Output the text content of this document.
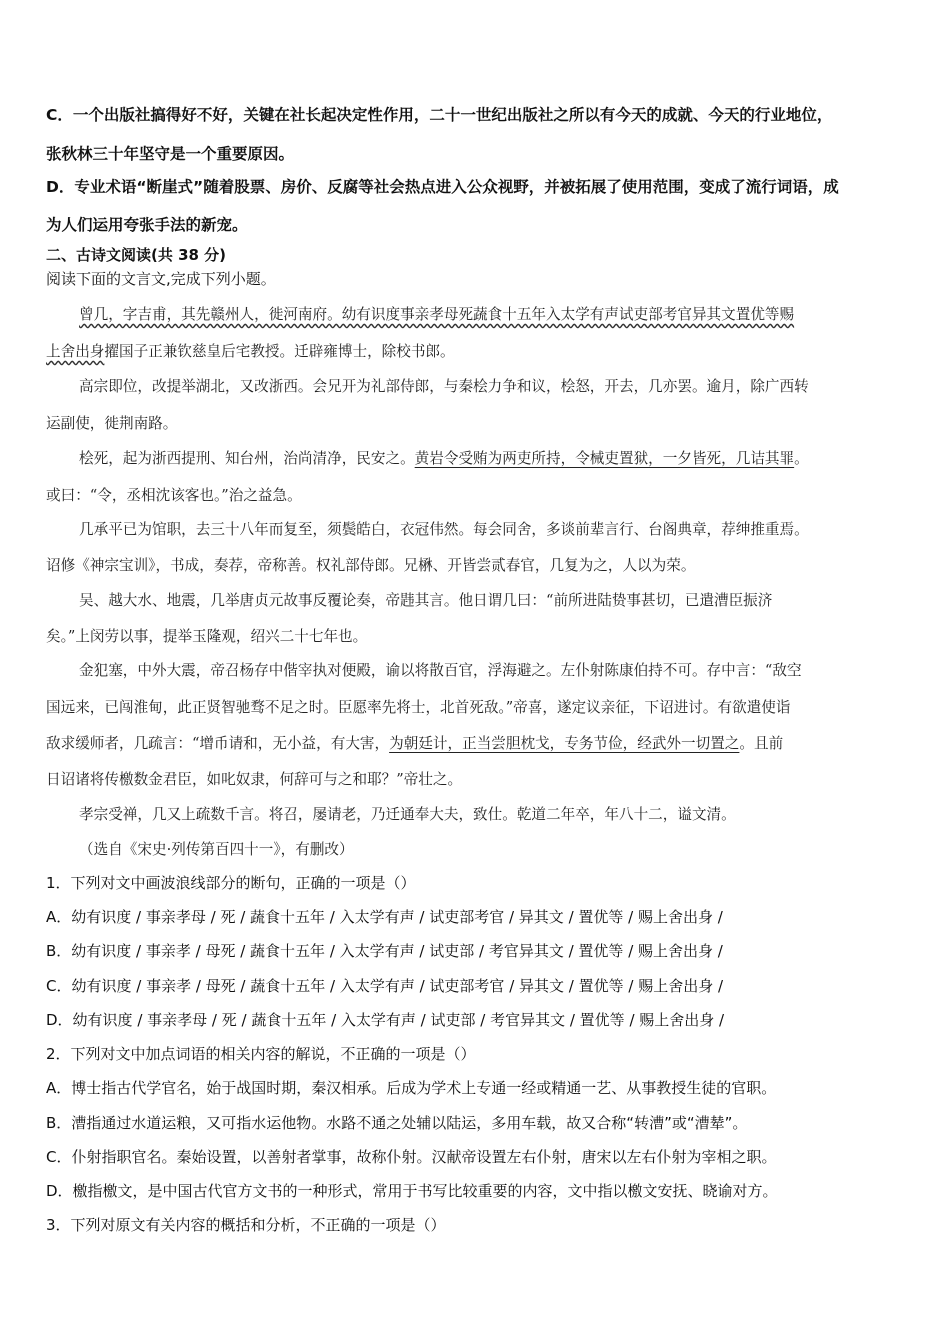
C．一个出版社搞得好不好，关键在社长起决定性作用，二十一世纪出版社之所以有今天的成就、今天的行业地位，

张秋林三十年坚守是一个重要原因。

D．专业术语“断崖式”随着股票、房价、反腐等社会热点进入公众视野，并被拓展了使用范围，变成了流行词语，成

为人们运用夸张手法的新宠。

二、古诗文阅读(共 38 分)

阅读下面的文言文,完成下列小题。

曾几，字吉甫，其先赣州人，徙河南府。幼有识度事亲孝母死蔬食十五年入太学有声试吏部考官异其文置优等赐

上舍出身擢国子正兼钦慈皇后宅教授。迁辟雍博士，除校书郎。

高宗即位，改提举湖北，又改浙西。会兄开为礼部侍郎，与秦桧力争和议，桧怒，开去，几亦罢。逾月，除广西转

运副使，徙荆南路。

桧死，起为浙西提刑、知台州，治尚清净，民安之。黄岩令受贿为两吏所持，令械吏置狱，一夕皆死，几诘其罪。

或曰：“令，丞相沈该客也。”治之益急。

几承平已为馆职，去三十八年而复至，须鬓皓白，衣冠伟然。每会同舍，多谈前辈言行、台阁典章，荐绅推重焉。

诏修《神宗宝训》，书成，奏荐，帝称善。权礼部侍郎。兄楙、开皆尝贰春官，几复为之，人以为荣。

吴、越大水、地震，几举唐贞元故事反覆论奏，帝韪其言。他日谓几曰：“前所进陆贽事甚切，已遣漕臣振济

矣。”上闵劳以事，提举玉隆观，绍兴二十七年也。

金犯塞，中外大震，帝召杨存中偕宰执对便殿，谕以将散百官，浮海避之。左仆射陈康伯持不可。存中言：“敌空

国远来，已闯淮甸，此正贤智驰骛不足之时。臣愿率先将士，北首死敌。”帝喜，遂定议亲征，下诏进讨。有欲遣使诣

敌求缓师者，几疏言：“增币请和，无小益，有大害，为朝廷计，正当尝胆枕戈，专务节俭，经武外一切置之。且前

日诏诸将传檄数金君臣，如叱奴隶，何辞可与之和耶？”帝壮之。

孝宗受禅，几又上疏数千言。将召，屡请老，乃迁通奉大夫，致仕。乾道二年卒，年八十二，谥文清。

（选自《宋史·列传第百四十一》，有删改）

1．下列对文中画波浪线部分的断句，正确的一项是（）

A．幼有识度 / 事亲孝母 / 死 / 蔬食十五年 / 入太学有声 / 试吏部考官 / 异其文 / 置优等 / 赐上舍出身 /

B．幼有识度 / 事亲孝 / 母死 / 蔬食十五年 / 入太学有声 / 试吏部 / 考官异其文 / 置优等 / 赐上舍出身 /

C．幼有识度 / 事亲孝 / 母死 / 蔬食十五年 / 入太学有声 / 试吏部考官 / 异其文 / 置优等 / 赐上舍出身 /

D．幼有识度 / 事亲孝母 / 死 / 蔬食十五年 / 入太学有声 / 试吏部 / 考官异其文 / 置优等 / 赐上舍出身 /

2．下列对文中加点词语的相关内容的解说，不正确的一项是（）

A．博士指古代学官名，始于战国时期，秦汉相承。后成为学术上专通一经或精通一艺、从事教授生徒的官职。

B．漕指通过水道运粮，又可指水运他物。水路不通之处辅以陆运，多用车载，故又合称“转漕”或“漕辇”。

C．仆射指职官名。秦始设置，以善射者掌事，故称仆射。汉献帝设置左右仆射，唐宋以左右仆射为宰相之职。

D．檄指檄文，是中国古代官方文书的一种形式，常用于书写比较重要的内容，文中指以檄文安抚、晓谕对方。

3．下列对原文有关内容的概括和分析，不正确的一项是（）
